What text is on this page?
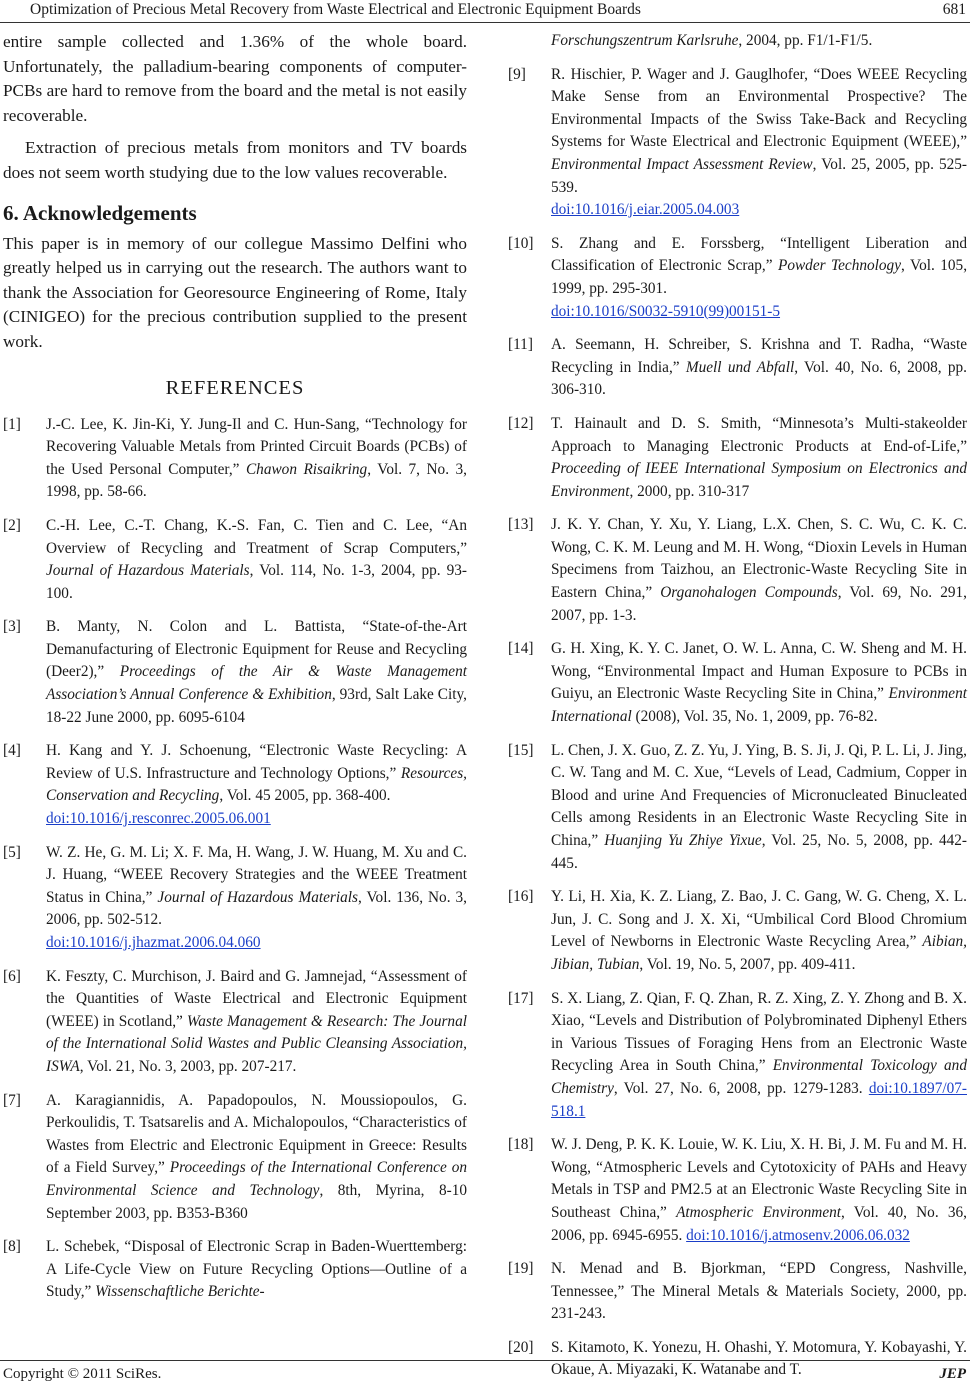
Optimization of Precious Metal Recovery from Waste Electrical and Electronic Equipment Boards	681

entire sample collected and 1.36% of the whole board. Unfortunately, the palladium-bearing components of computer-PCBs are hard to remove from the board and the metal is not easily recoverable.

Extraction of precious metals from monitors and TV boards does not seem worth studying due to the low values recoverable.

6. Acknowledgements

This paper is in memory of our collegue Massimo Delfini who greatly helped us in carrying out the research. The authors want to thank the Association for Georesource Engineering of Rome, Italy (CINIGEO) for the precious contribution supplied to the present work.

REFERENCES
[1] J.-C. Lee, K. Jin-Ki, Y. Jung-Il and C. Hun-Sang, “Technology for Recovering Valuable Metals from Printed Circuit Boards (PCBs) of the Used Personal Computer,” Chawon Risaikring, Vol. 7, No. 3, 1998, pp. 58-66.
[2] C.-H. Lee, C.-T. Chang, K.-S. Fan, C. Tien and C. Lee, “An Overview of Recycling and Treatment of Scrap Computers,” Journal of Hazardous Materials, Vol. 114, No. 1-3, 2004, pp. 93-100.
[3] B. Manty, N. Colon and L. Battista, “State-of-the-Art Demanufacturing of Electronic Equipment for Reuse and Recycling (Deer2),” Proceedings of the Air & Waste Management Association’s Annual Conference & Exhibition, 93rd, Salt Lake City, 18-22 June 2000, pp. 6095-6104
[4] H. Kang and Y. J. Schoenung, “Electronic Waste Recycling: A Review of U.S. Infrastructure and Technology Options,” Resources, Conservation and Recycling, Vol. 45 2005, pp. 368-400.
doi:10.1016/j.resconrec.2005.06.001
[5] W. Z. He, G. M. Li; X. F. Ma, H. Wang, J. W. Huang, M. Xu and C. J. Huang, “WEEE Recovery Strategies and the WEEE Treatment Status in China,” Journal of Hazardous Materials, Vol. 136, No. 3, 2006, pp. 502-512.
doi:10.1016/j.jhazmat.2006.04.060
[6] K. Feszty, C. Murchison, J. Baird and G. Jamnejad, “Assessment of the Quantities of Waste Electrical and Electronic Equipment (WEEE) in Scotland,” Waste Management & Research: The Journal of the International Solid Wastes and Public Cleansing Association, ISWA, Vol. 21, No. 3, 2003, pp. 207-217.
[7] A. Karagiannidis, A. Papadopoulos, N. Moussiopoulos, G. Perkoulidis, T. Tsatsarelis and A. Michalopoulos, “Characteristics of Wastes from Electric and Electronic Equipment in Greece: Results of a Field Survey,” Proceedings of the International Conference on Environmental Science and Technology, 8th, Myrina, 8-10 September 2003, pp. B353-B360
[8] L. Schebek, “Disposal of Electronic Scrap in Baden-Wuerttemberg: A Life-Cycle View on Future Recycling Options—Outline of a Study,” Wissenschaftliche Berichte-
Forschungszentrum Karlsruhe, 2004, pp. F1/1-F1/5.
[9] R. Hischier, P. Wager and J. Gauglhofer, “Does WEEE Recycling Make Sense from an Environmental Prospective? The Environmental Impacts of the Swiss Take-Back and Recycling Systems for Waste Electrical and Electronic Equipment (WEEE),” Environmental Impact Assessment Review, Vol. 25, 2005, pp. 525-539.
doi:10.1016/j.eiar.2005.04.003
[10] S. Zhang and E. Forssberg, “Intelligent Liberation and Classification of Electronic Scrap,” Powder Technology, Vol. 105, 1999, pp. 295-301.
doi:10.1016/S0032-5910(99)00151-5
[11] A. Seemann, H. Schreiber, S. Krishna and T. Radha, “Waste Recycling in India,” Muell und Abfall, Vol. 40, No. 6, 2008, pp. 306-310.
[12] T. Hainault and D. S. Smith, “Minnesota’s Multi-stakeolder Approach to Managing Electronic Products at End-of-Life,” Proceeding of IEEE International Symposium on Electronics and Environment, 2000, pp. 310-317
[13] J. K. Y. Chan, Y. Xu, Y. Liang, L.X. Chen, S. C. Wu, C. K. C. Wong, C. K. M. Leung and M. H. Wong, “Dioxin Levels in Human Specimens from Taizhou, an Electronic-Waste Recycling Site in Eastern China,” Organohalogen Compounds, Vol. 69, No. 291, 2007, pp. 1-3.
[14] G. H. Xing, K. Y. C. Janet, O. W. L. Anna, C. W. Sheng and M. H. Wong, “Environmental Impact and Human Exposure to PCBs in Guiyu, an Electronic Waste Recycling Site in China,” Environment International (2008), Vol. 35, No. 1, 2009, pp. 76-82.
[15] L. Chen, J. X. Guo, Z. Z. Yu, J. Ying, B. S. Ji, J. Qi, P. L. Li, J. Jing, C. W. Tang and M. C. Xue, “Levels of Lead, Cadmium, Copper in Blood and urine And Frequencies of Micronucleated Binucleated Cells among Residents in an Electronic Waste Recycling Site in China,” Huanjing Yu Zhiye Yixue, Vol. 25, No. 5, 2008, pp. 442-445.
[16] Y. Li, H. Xia, K. Z. Liang, Z. Bao, J. C. Gang, W. G. Cheng, X. L. Jun, J. C. Song and J. X. Xi, “Umbilical Cord Blood Chromium Level of Newborns in Electronic Waste Recycling Area,” Aibian, Jibian, Tubian, Vol. 19, No. 5, 2007, pp. 409-411.
[17] S. X. Liang, Z. Qian, F. Q. Zhan, R. Z. Xing, Z. Y. Zhong and B. X. Xiao, “Levels and Distribution of Polybrominated Diphenyl Ethers in Various Tissues of Foraging Hens from an Electronic Waste Recycling Area in South China,” Environmental Toxicology and Chemistry, Vol. 27, No. 6, 2008, pp. 1279-1283. doi:10.1897/07-518.1
[18] W. J. Deng, P. K. K. Louie, W. K. Liu, X. H. Bi, J. M. Fu and M. H. Wong, “Atmospheric Levels and Cytotoxicity of PAHs and Heavy Metals in TSP and PM2.5 at an Electronic Waste Recycling Site in Southeast China,” Atmospheric Environment, Vol. 40, No. 36, 2006, pp. 6945-6955. doi:10.1016/j.atmosenv.2006.06.032
[19] N. Menad and B. Bjorkman, “EPD Congress, Nashville, Tennessee,” The Mineral Metals & Materials Society, 2000, pp. 231-243.
[20] S. Kitamoto, K. Yonezu, H. Ohashi, Y. Motomura, Y. Kobayashi, Y. Okaue, A. Miyazaki, K. Watanabe and T.
Copyright © 2011 SciRes.	JEP
